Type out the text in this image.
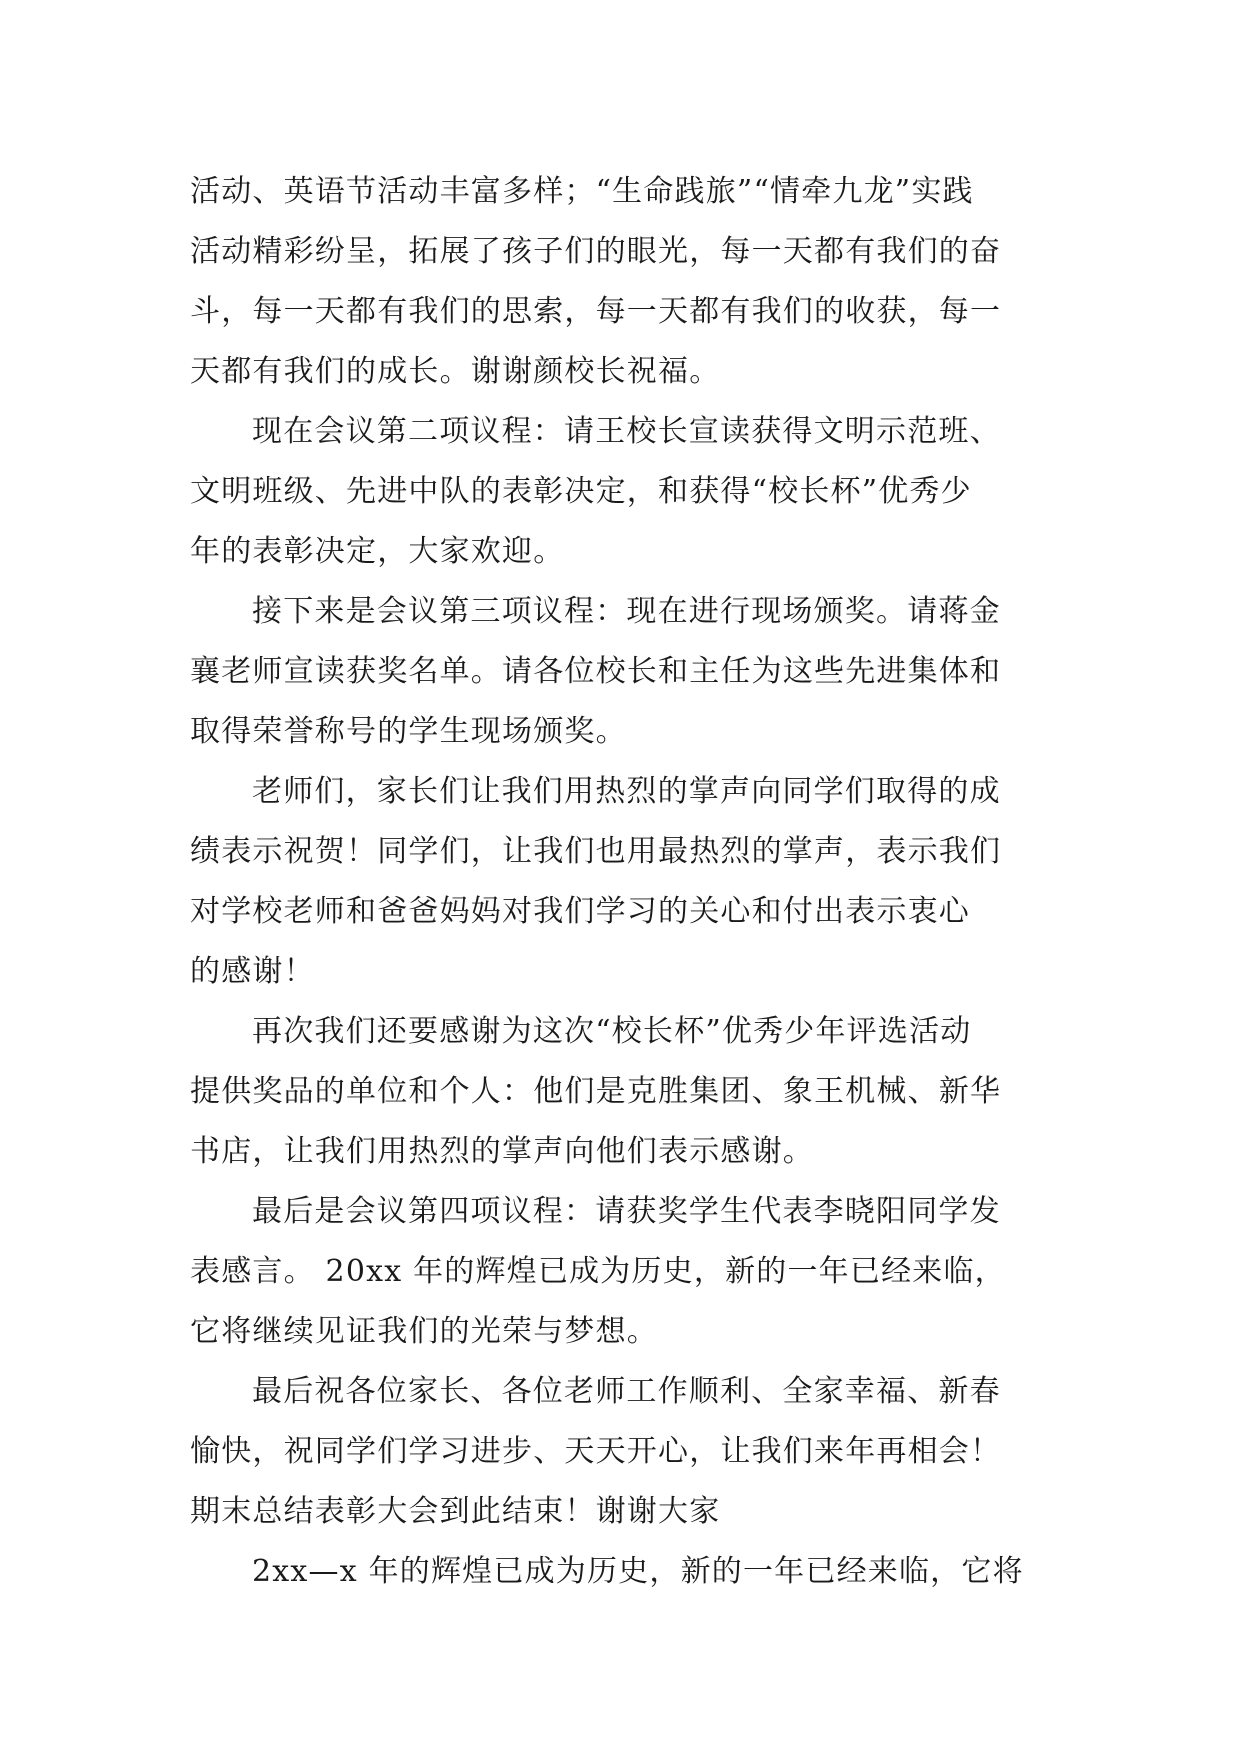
活动、英语节活动丰富多样；“生命践旅”“情牵九龙”实践
活动精彩纷呈，拓展了孩子们的眼光，每一天都有我们的奋
斗，每一天都有我们的思索，每一天都有我们的收获，每一
天都有我们的成长。谢谢颜校长祝福。
现在会议第二项议程：请王校长宣读获得文明示范班、
文明班级、先进中队的表彰决定，和获得“校长杯”优秀少
年的表彰决定，大家欢迎。
接下来是会议第三项议程：现在进行现场颁奖。请蒋金
襄老师宣读获奖名单。请各位校长和主任为这些先进集体和
取得荣誉称号的学生现场颁奖。
老师们，家长们让我们用热烈的掌声向同学们取得的成
绩表示祝贺！同学们，让我们也用最热烈的掌声，表示我们
对学校老师和爸爸妈妈对我们学习的关心和付出表示衷心
的感谢！
再次我们还要感谢为这次“校长杯”优秀少年评选活动
提供奖品的单位和个人：他们是克胜集团、象王机械、新华
书店，让我们用热烈的掌声向他们表示感谢。
最后是会议第四项议程：请获奖学生代表李晓阳同学发
表感言。 20xx 年的辉煌已成为历史，新的一年已经来临，
它将继续见证我们的光荣与梦想。
最后祝各位家长、各位老师工作顺利、全家幸福、新春
愉快，祝同学们学习进步、天天开心，让我们来年再相会！
期末总结表彰大会到此结束！谢谢大家
2xx—x 年的辉煌已成为历史，新的一年已经来临，它将
